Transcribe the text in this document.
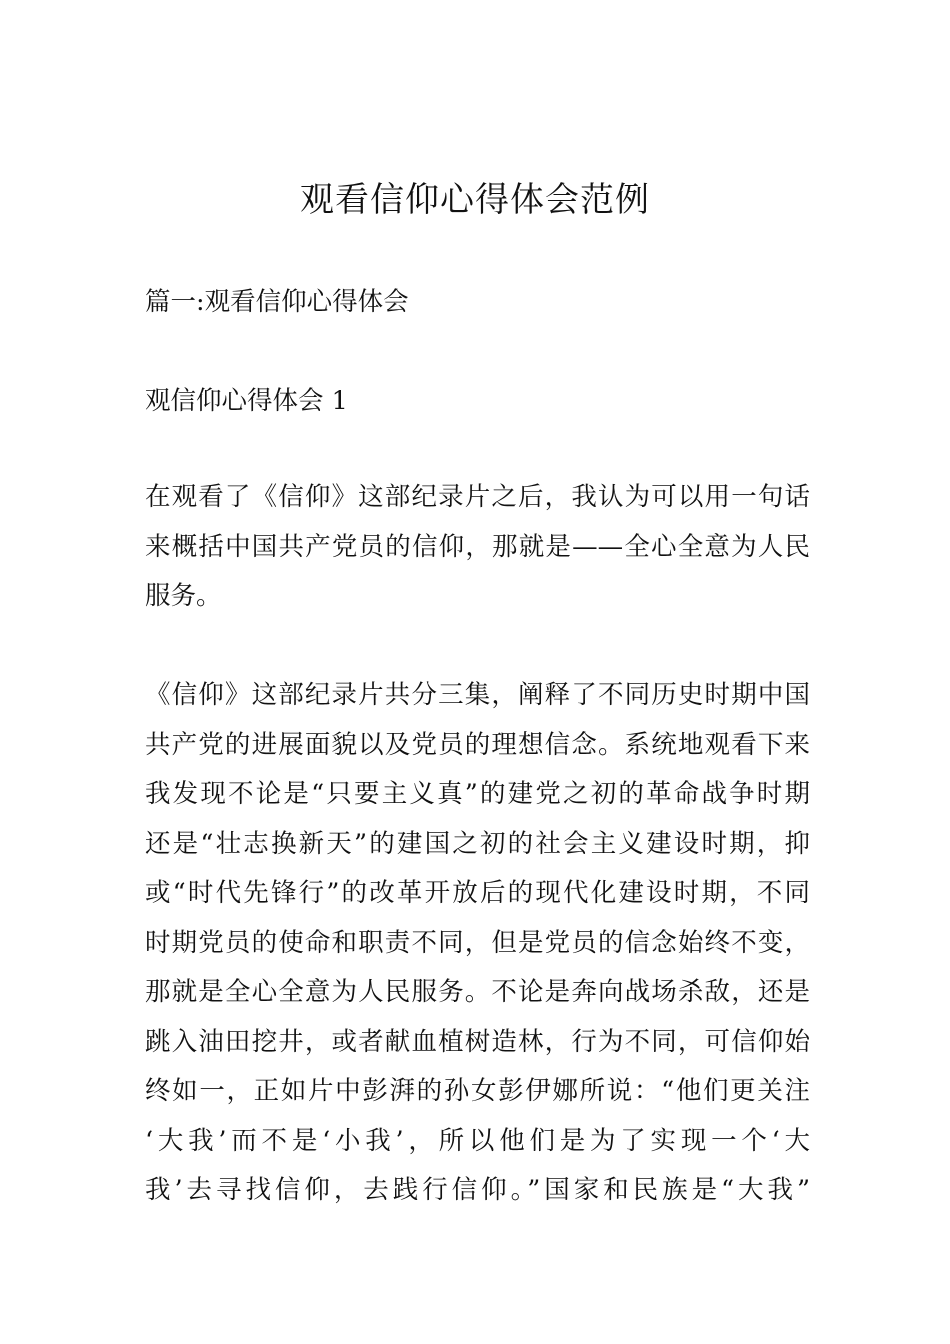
观看信仰心得体会范例

篇一:观看信仰心得体会

观信仰心得体会 1

在观看了《信仰》这部纪录片之后，我认为可以用一句话
来概括中国共产党员的信仰，那就是——全心全意为人民
服务。
《信仰》这部纪录片共分三集，阐释了不同历史时期中国
共产党的进展面貌以及党员的理想信念。系统地观看下来
我发现不论是“只要主义真”的建党之初的革命战争时期
还是“壮志换新天”的建国之初的社会主义建设时期，抑
或“时代先锋行”的改革开放后的现代化建设时期，不同
时期党员的使命和职责不同，但是党员的信念始终不变，
那就是全心全意为人民服务。不论是奔向战场杀敌，还是
跳入油田挖井，或者献血植树造林，行为不同，可信仰始
终如一，正如片中彭湃的孙女彭伊娜所说：“他们更关注
‘大我’而不是‘小我’，所以他们是为了实现一个‘大
我’去寻找信仰，去践行信仰。”国家和民族是“大我”
